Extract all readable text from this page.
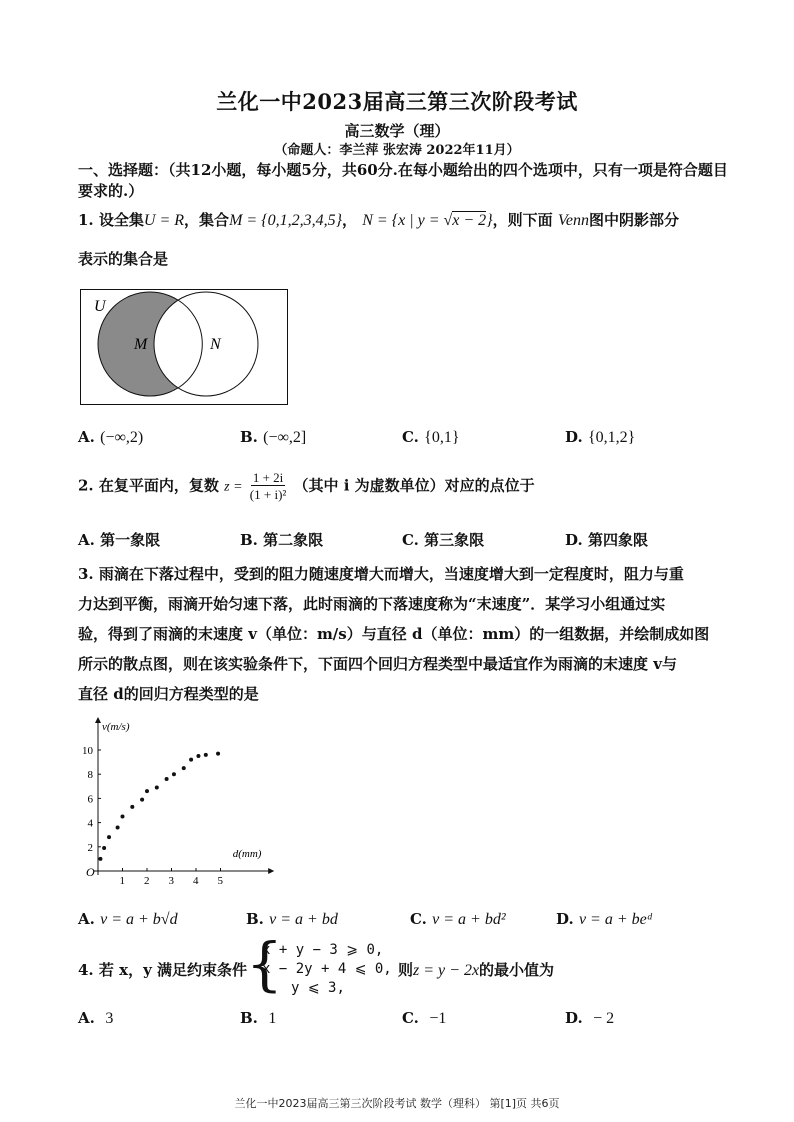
兰化一中2023届高三第三次阶段考试
高三数学（理）
（命题人：李兰萍 张宏涛 2022年11月）
一、选择题：（共12小题，每小题5分，共60分.在每小题给出的四个选项中，只有一项是符合题目要求的.）
1. 设全集U = R，集合M = {0,1,2,3,4,5}， N = {x | y = √x − 2}，则下面 Venn图中阴影部分
表示的集合是
U
M	N
A. (−∞,2)	B. (−∞,2]	C. {0,1}	D. {0,1,2}
2. 在复平面内，复数 $z = \frac{1 + 2i}{\text{(1 + i)²}}$ （其中 i 为虚数单位）对应的点位于
A. 第一象限	B. 第二象限	C. 第三象限	D. 第四象限
3. 雨滴在下落过程中，受到的阻力随速度增大而增大，当速度增大到一定程度时，阻力与重
力达到平衡，雨滴开始匀速下落，此时雨滴的下落速度称为“末速度”．某学习小组通过实
验，得到了雨滴的末速度 v（单位：m/s）与直径 d（单位：mm）的一组数据，并绘制成如图
所示的散点图，则在该实验条件下，下面四个回归方程类型中最适宜作为雨滴的末速度 v与
直径 d的回归方程类型的是
v(m/s)
d(mm)
O
1 2 3 4 5
2
4
6
8
10
A. v = a + b√d	B. v = a + bd	C. v = a + bd²	D. v = a + beᵈ
4. 若 x，y 满足约束条件
{
x + y − 3 ⩾ 0,
x − 2y + 4 ⩽ 0,
y ⩽ 3,
则z = y − 2x的最小值为
A. 3	B. 1	C. −1	D. − 2
兰化一中2023届高三第三次阶段考试 数学（理科） 第[1]页 共6页
